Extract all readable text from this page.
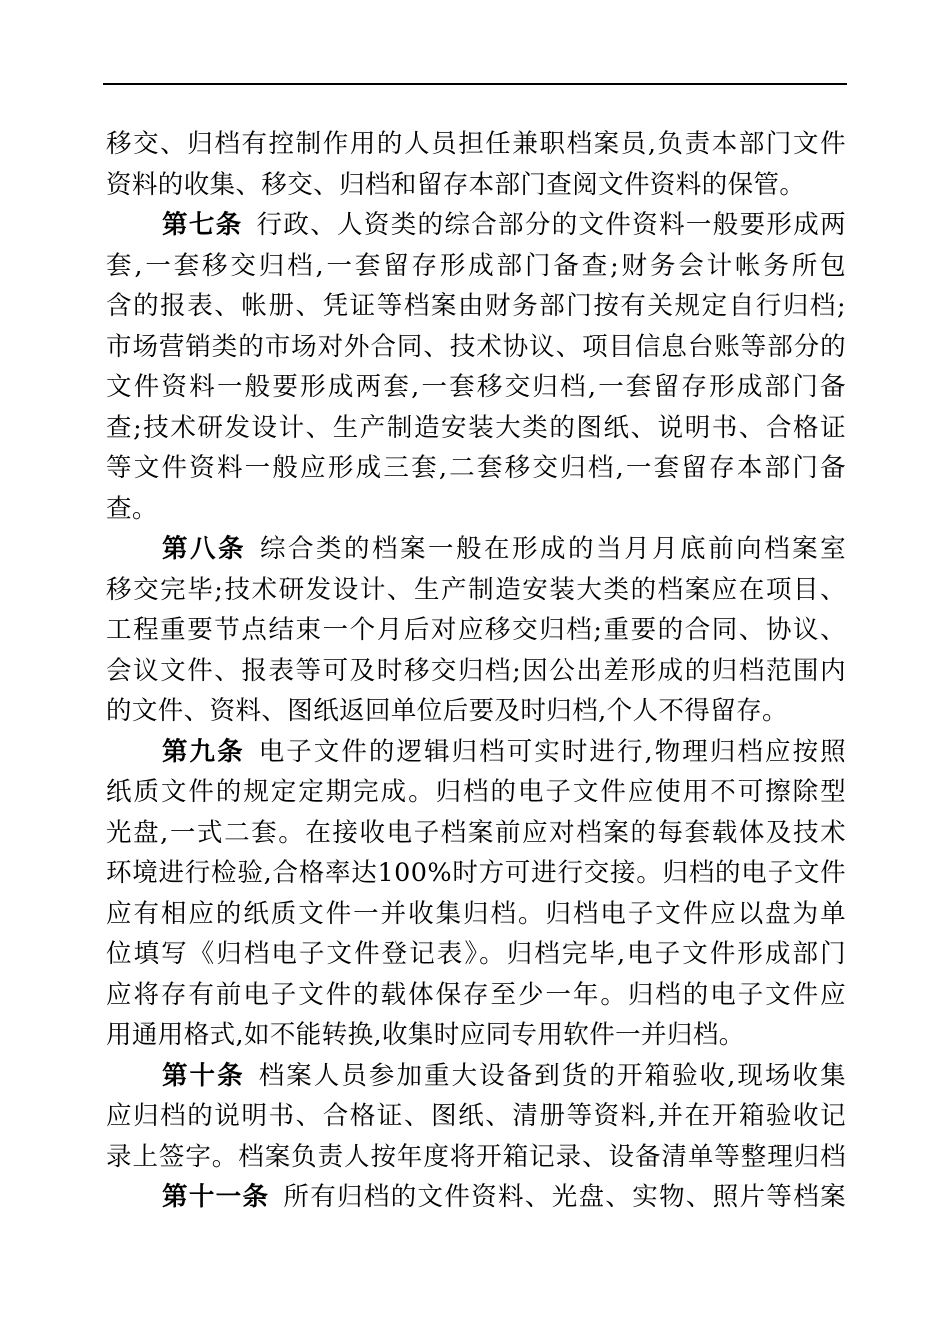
移交、归档有控制作用的人员担任兼职档案员,负责本部门文件
资料的收集、移交、归档和留存本部门查阅文件资料的保管。
第七条 行政、人资类的综合部分的文件资料一般要形成两
套,一套移交归档,一套留存形成部门备查;财务会计帐务所包
含的报表、帐册、凭证等档案由财务部门按有关规定自行归档;
市场营销类的市场对外合同、技术协议、项目信息台账等部分的
文件资料一般要形成两套,一套移交归档,一套留存形成部门备
查;技术研发设计、生产制造安装大类的图纸、说明书、合格证
等文件资料一般应形成三套,二套移交归档,一套留存本部门备
查。
第八条 综合类的档案一般在形成的当月月底前向档案室
移交完毕;技术研发设计、生产制造安装大类的档案应在项目、
工程重要节点结束一个月后对应移交归档;重要的合同、协议、
会议文件、报表等可及时移交归档;因公出差形成的归档范围内
的文件、资料、图纸返回单位后要及时归档,个人不得留存。
第九条 电子文件的逻辑归档可实时进行,物理归档应按照
纸质文件的规定定期完成。归档的电子文件应使用不可擦除型
光盘,一式二套。在接收电子档案前应对档案的每套载体及技术
环境进行检验,合格率达100%时方可进行交接。归档的电子文件
应有相应的纸质文件一并收集归档。归档电子文件应以盘为单
位填写《归档电子文件登记表》。归档完毕,电子文件形成部门
应将存有前电子文件的载体保存至少一年。归档的电子文件应
用通用格式,如不能转换,收集时应同专用软件一并归档。
第十条 档案人员参加重大设备到货的开箱验收,现场收集
应归档的说明书、合格证、图纸、清册等资料,并在开箱验收记
录上签字。档案负责人按年度将开箱记录、设备清单等整理归档
第十一条 所有归档的文件资料、光盘、实物、照片等档案
